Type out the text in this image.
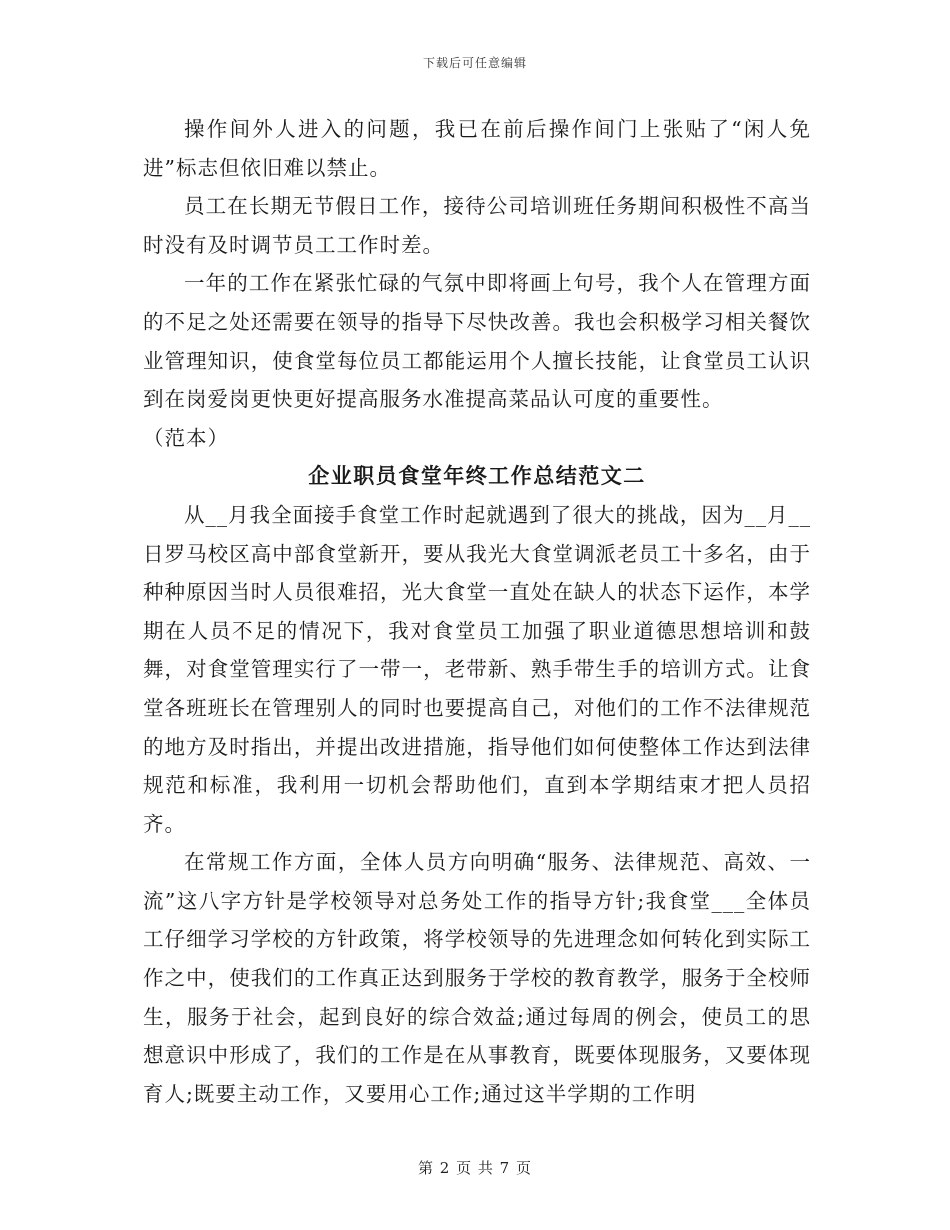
下载后可任意编辑

操作间外人进入的问题，我已在前后操作间门上张贴了“闲人免进”标志但依旧难以禁止。

员工在长期无节假日工作，接待公司培训班任务期间积极性不高当时没有及时调节员工工作时差。

一年的工作在紧张忙碌的气氛中即将画上句号，我个人在管理方面的不足之处还需要在领导的指导下尽快改善。我也会积极学习相关餐饮业管理知识，使食堂每位员工都能运用个人擅长技能，让食堂员工认识到在岗爱岗更快更好提高服务水准提高菜品认可度的重要性。

（范本）

企业职员食堂年终工作总结范文二

从__月我全面接手食堂工作时起就遇到了很大的挑战，因为__月__日罗马校区高中部食堂新开，要从我光大食堂调派老员工十多名，由于种种原因当时人员很难招，光大食堂一直处在缺人的状态下运作，本学期在人员不足的情况下，我对食堂员工加强了职业道德思想培训和鼓舞，对食堂管理实行了一带一，老带新、熟手带生手的培训方式。让食堂各班班长在管理别人的同时也要提高自己，对他们的工作不法律规范的地方及时指出，并提出改进措施，指导他们如何使整体工作达到法律规范和标准，我利用一切机会帮助他们，直到本学期结束才把人员招齐。

在常规工作方面，全体人员方向明确“服务、法律规范、高效、一流”这八字方针是学校领导对总务处工作的指导方针;我食堂___全体员工仔细学习学校的方针政策，将学校领导的先进理念如何转化到实际工作之中，使我们的工作真正达到服务于学校的教育教学，服务于全校师生，服务于社会，起到良好的综合效益;通过每周的例会，使员工的思想意识中形成了，我们的工作是在从事教育，既要体现服务，又要体现育人;既要主动工作，又要用心工作;通过这半学期的工作明

第 2 页 共 7 页
